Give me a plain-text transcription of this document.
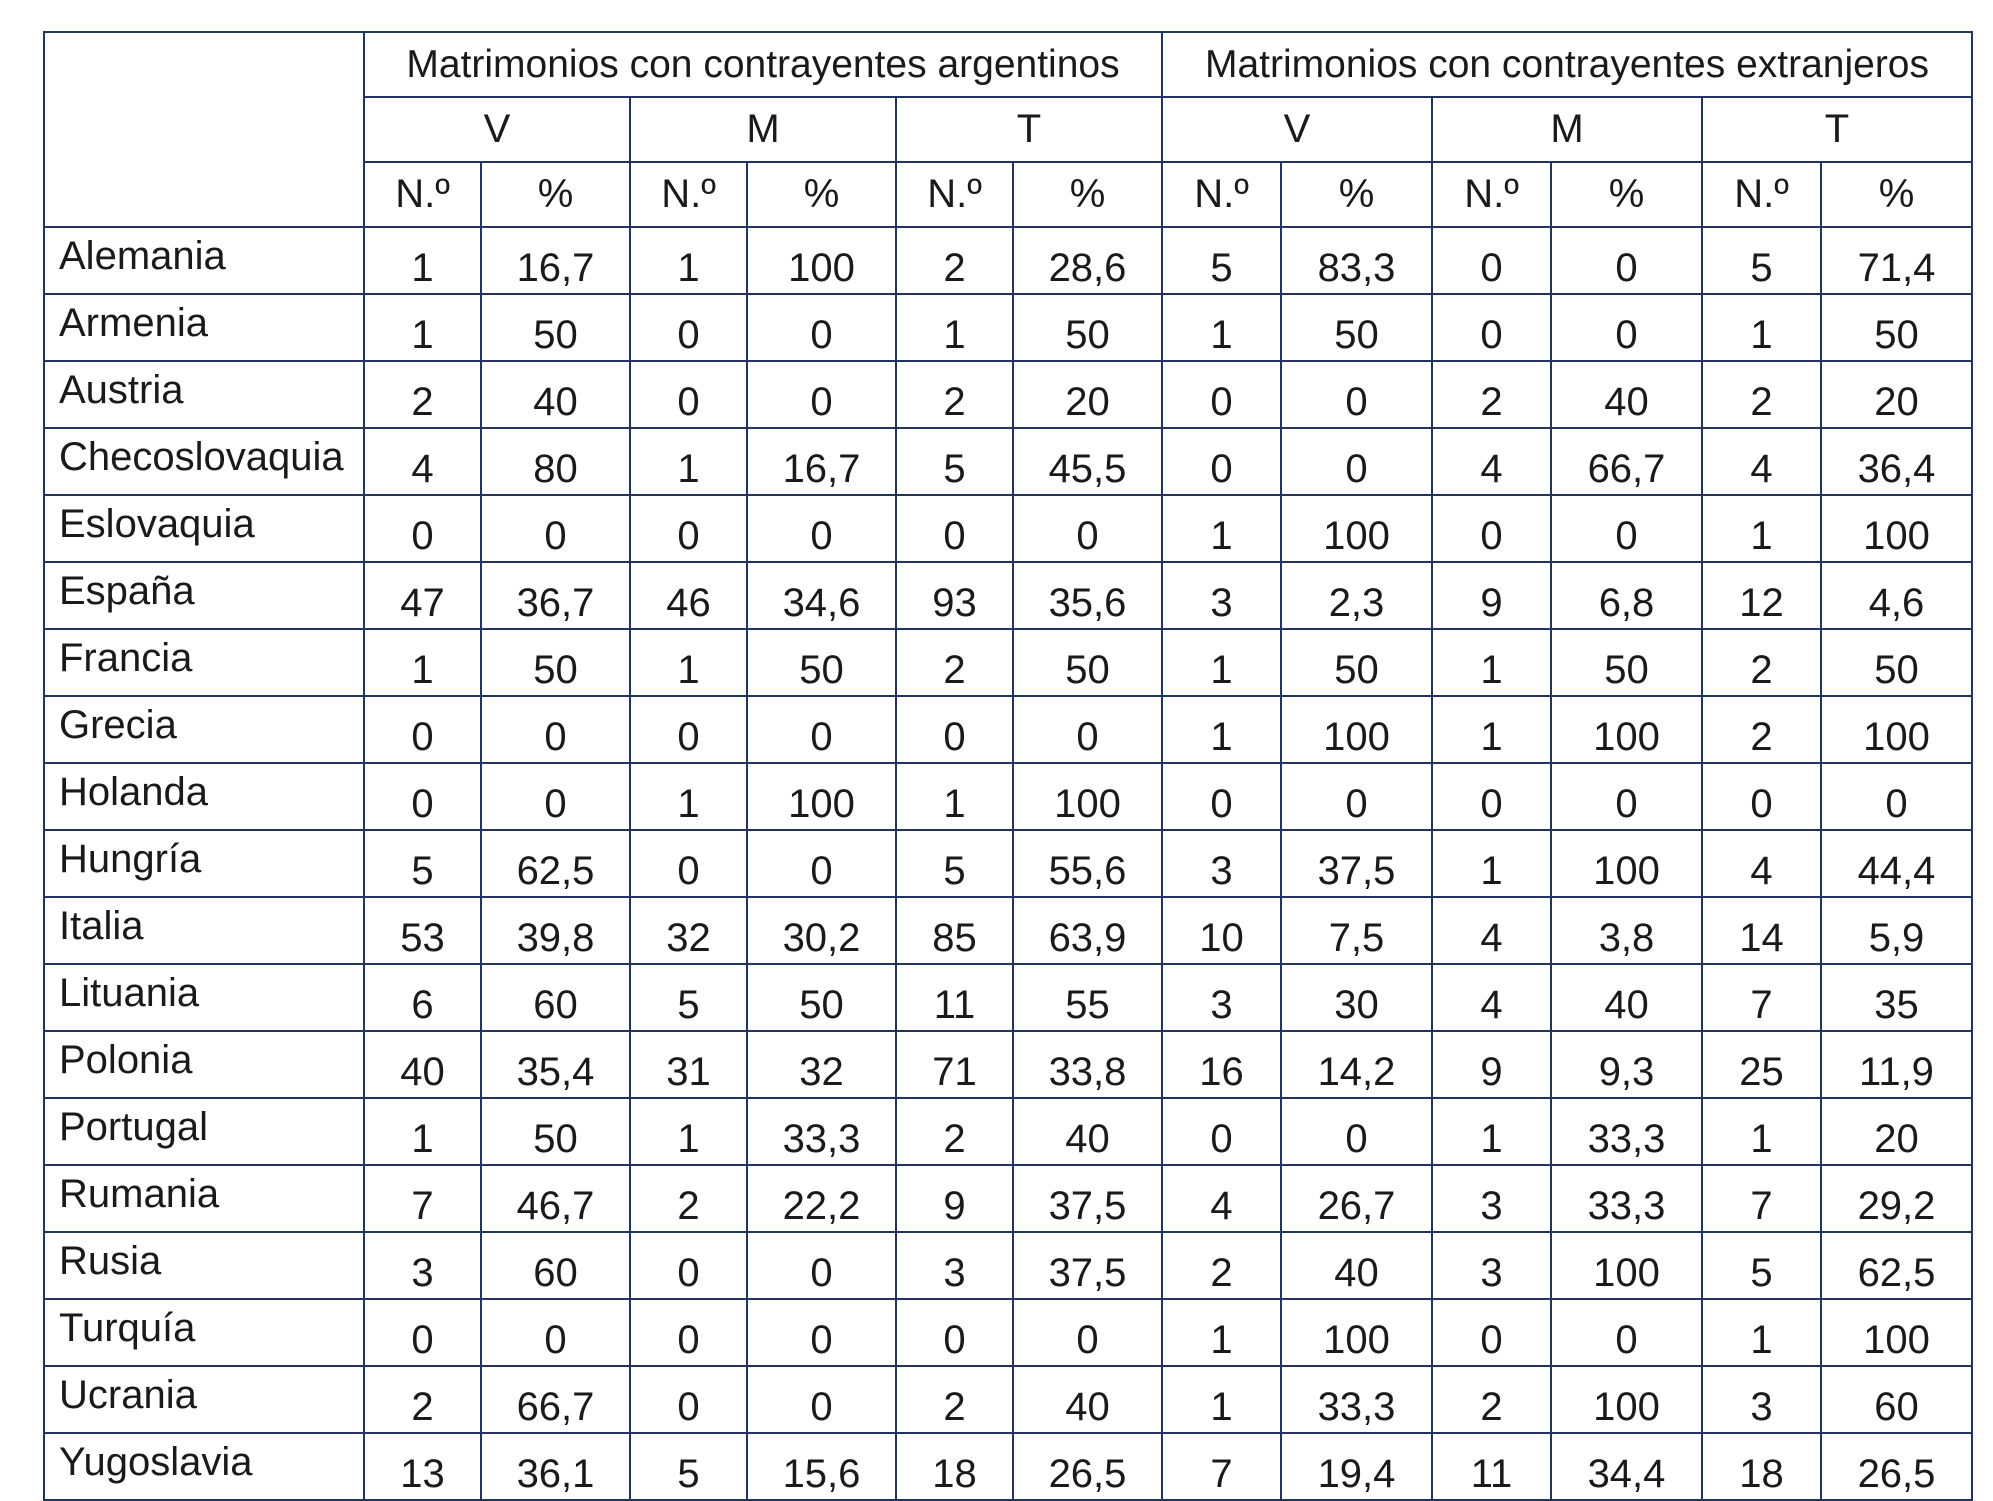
	Matrimonios con contrayentes argentinos						Matrimonios con contrayentes extranjeros					
	V		M		T		V		M		T	
	N.º	%	N.º	%	N.º	%	N.º	%	N.º	%	N.º	%
Alemania	1	16,7	1	100	2	28,6	5	83,3	0	0	5	71,4
Armenia	1	50	0	0	1	50	1	50	0	0	1	50
Austria	2	40	0	0	2	20	0	0	2	40	2	20
Checoslovaquia	4	80	1	16,7	5	45,5	0	0	4	66,7	4	36,4
Eslovaquia	0	0	0	0	0	0	1	100	0	0	1	100
España	47	36,7	46	34,6	93	35,6	3	2,3	9	6,8	12	4,6
Francia	1	50	1	50	2	50	1	50	1	50	2	50
Grecia	0	0	0	0	0	0	1	100	1	100	2	100
Holanda	0	0	1	100	1	100	0	0	0	0	0	0
Hungría	5	62,5	0	0	5	55,6	3	37,5	1	100	4	44,4
Italia	53	39,8	32	30,2	85	63,9	10	7,5	4	3,8	14	5,9
Lituania	6	60	5	50	11	55	3	30	4	40	7	35
Polonia	40	35,4	31	32	71	33,8	16	14,2	9	9,3	25	11,9
Portugal	1	50	1	33,3	2	40	0	0	1	33,3	1	20
Rumania	7	46,7	2	22,2	9	37,5	4	26,7	3	33,3	7	29,2
Rusia	3	60	0	0	3	37,5	2	40	3	100	5	62,5
Turquía	0	0	0	0	0	0	1	100	0	0	1	100
Ucrania	2	66,7	0	0	2	40	1	33,3	2	100	3	60
Yugoslavia	13	36,1	5	15,6	18	26,5	7	19,4	11	34,4	18	26,5
